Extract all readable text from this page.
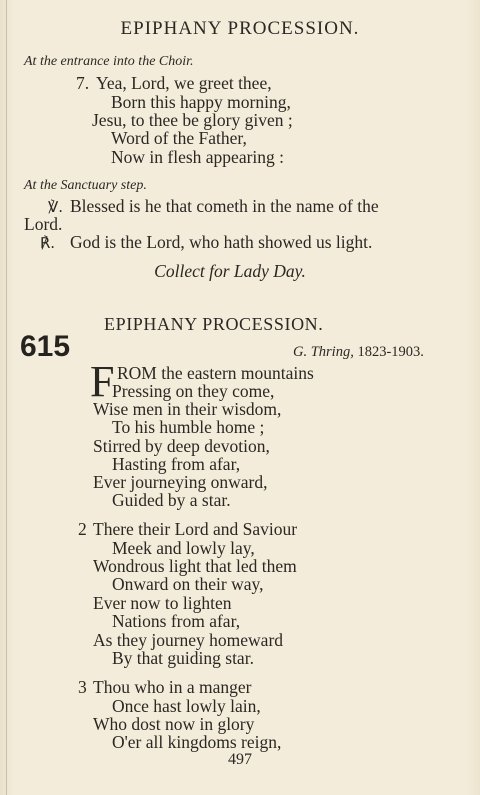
EPIPHANY PROCESSION.
At the entrance into the Choir.
7. Yea, Lord, we greet thee,
Born this happy morning,
Jesu, to thee be glory given ;
Word of the Father,
Now in flesh appearing :
At the Sanctuary step.
℣. Blessed is he that cometh in the name of the
Lord.
℟. God is the Lord, who hath showed us light.
Collect for Lady Day.
EPIPHANY PROCESSION.
615	G. Thring, 1823-1903.
F ROM the eastern mountains
Pressing on they come,
Wise men in their wisdom,
To his humble home ;
Stirred by deep devotion,
Hasting from afar,
Ever journeying onward,
Guided by a star.
2 There their Lord and Saviour
Meek and lowly lay,
Wondrous light that led them
Onward on their way,
Ever now to lighten
Nations from afar,
As they journey homeward
By that guiding star.
3 Thou who in a manger
Once hast lowly lain,
Who dost now in glory
O'er all kingdoms reign,
497
